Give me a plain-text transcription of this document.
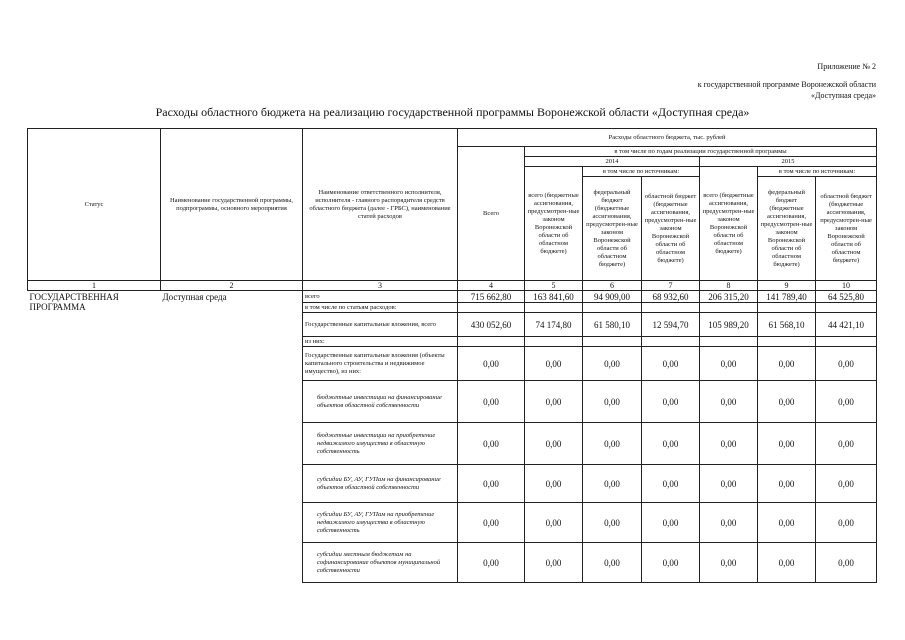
Приложение № 2
к государственной программе Воронежской области
«Доступная среда»
Расходы областного бюджета на реализацию государственной программы Воронежской области «Доступная среда»
Статус	Наименование государственной программы, подпрограммы, основного мероприятия	Наименование ответственного исполнителя, исполнителя - главного распорядителя средств областного бюджета (далее - ГРБС), наименование статей расходов	Расходы областного бюджета, тыс. рублей						
			Всего	в том числе по годам реализации государственной программы					
				2014			2015		
				всего (бюджетные ассигнования, предусмотрен-ные законом Воронежской области об областном бюджете)	в том числе по источникам:		всего (бюджетные ассигнования, предусмотрен-ные законом Воронежской области об областном бюджете)	в том числе по источникам:	
					федеральный бюджет (бюджетные ассигнования, предусмотрен-ные законом Воронежской области об областном бюджете)	областной бюджет (бюджетные ассигнования, предусмотрен-ные законом Воронежской области об областном бюджете)		федеральный бюджет (бюджетные ассигнования, предусмотрен-ные законом Воронежской области об областном бюджете)	областной бюджет (бюджетные ассигнования, предусмотрен-ные законом Воронежской области об областном бюджете)
1	2	3	4	5	6	7	8	9	10
ГОСУДАРСТВЕННАЯ ПРОГРАММА	Доступная среда	всего	715 662,80	163 841,60	94 909,00	68 932,60	206 315,20	141 789,40	64 525,80
		в том числе по статьям расходов:							
		Государственные капитальные вложения, всего	430 052,60	74 174,80	61 580,10	12 594,70	105 989,20	61 568,10	44 421,10
		из них:							
		Государственные капитальные вложения (объекты капитального строительства и недвижимое имущество), из них:	0,00	0,00	0,00	0,00	0,00	0,00	0,00
		бюджетные инвестиции на финансирование объектов областной собственности	0,00	0,00	0,00	0,00	0,00	0,00	0,00
		бюджетные инвестиции на приобретение недвижимого имущества в областную собственность	0,00	0,00	0,00	0,00	0,00	0,00	0,00
		субсидии БУ, АУ, ГУПам на финансирование объектов областной собственности	0,00	0,00	0,00	0,00	0,00	0,00	0,00
		субсидии БУ, АУ, ГУПам на приобретение недвижимого имущества в областную собственность	0,00	0,00	0,00	0,00	0,00	0,00	0,00
		субсидии местным бюджетам на софинансирование объектов муниципальной собственности	0,00	0,00	0,00	0,00	0,00	0,00	0,00
